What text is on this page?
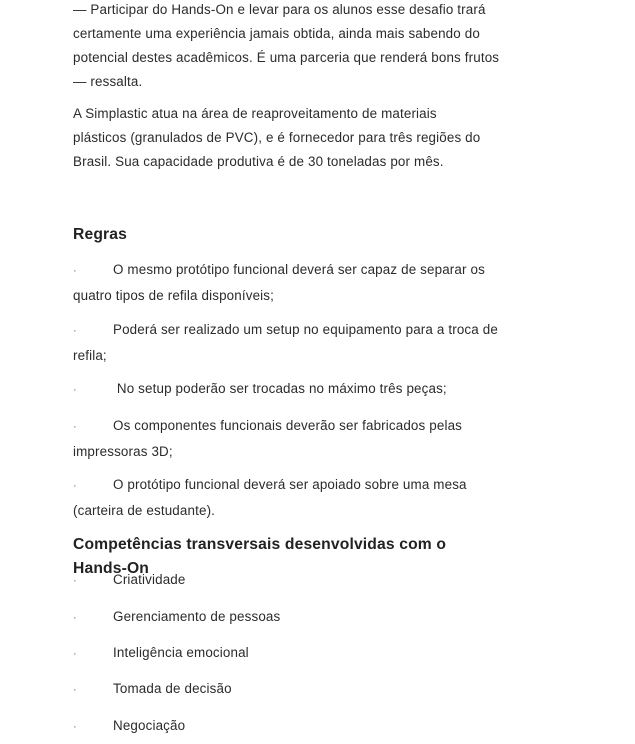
— Participar do Hands-On e levar para os alunos esse desafio trará certamente uma experiência jamais obtida, ainda mais sabendo do potencial destes acadêmicos. É uma parceria que renderá bons frutos — ressalta.

A Simplastic atua na área de reaproveitamento de materiais plásticos (granulados de PVC), e é fornecedor para três regiões do Brasil. Sua capacidade produtiva é de 30 toneladas por mês.

Regras
·	O mesmo protótipo funcional deverá ser capaz de separar os quatro tipos de refila disponíveis;
·	Poderá ser realizado um setup no equipamento para a troca de refila;
·	No setup poderão ser trocadas no máximo três peças;
·	Os componentes funcionais deverão ser fabricados pelas impressoras 3D;
·	O protótipo funcional deverá ser apoiado sobre uma mesa (carteira de estudante).
Competências transversais desenvolvidas com o Hands-On
·	Criatividade
·	Gerenciamento de pessoas
·	Inteligência emocional
·	Tomada de decisão
·	Negociação
